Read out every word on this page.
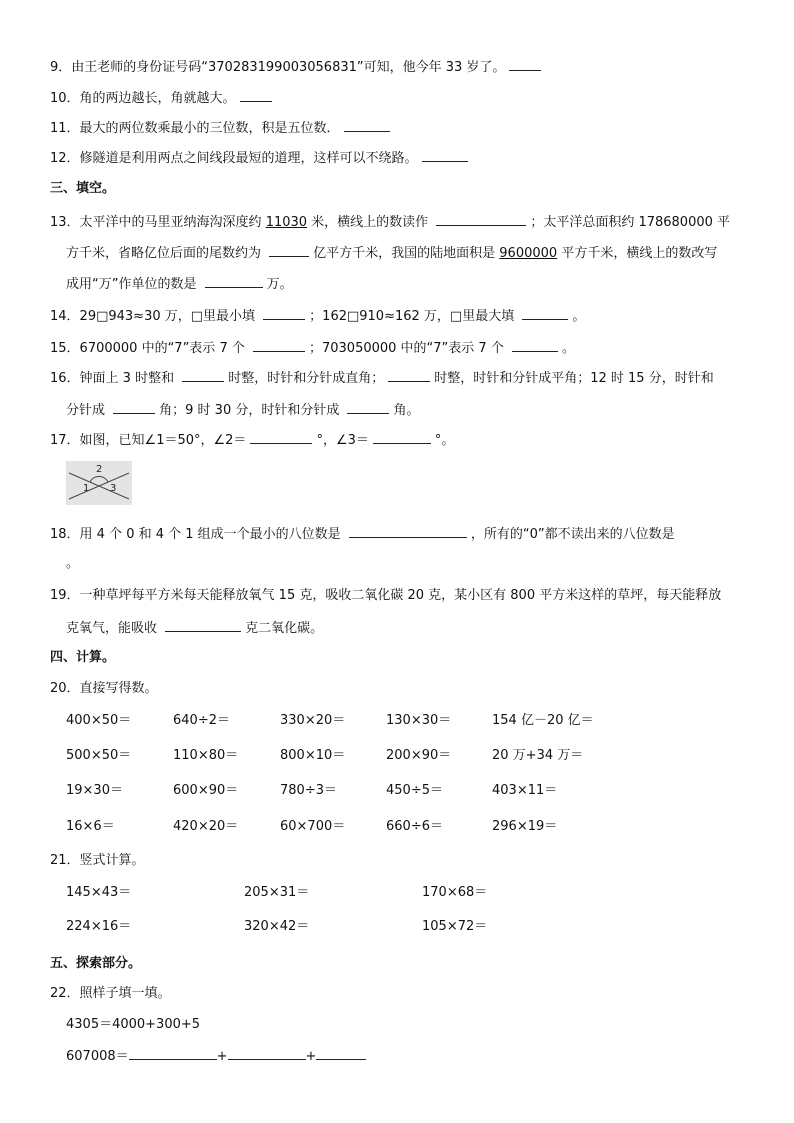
9．由王老师的身份证号码“370283199003056831”可知，他今年 33 岁了。
10．角的两边越长，角就越大。
11．最大的两位数乘最小的三位数，积是五位数．
12．修隧道是利用两点之间线段最短的道理，这样可以不绕路。
三、填空。
13．太平洋中的马里亚纳海沟深度约 11030 米，横线上的数读作	；太平洋总面积约 178680000 平
方千米，省略亿位后面的尾数约为	亿平方千米，我国的陆地面积是 9600000 平方千米，横线上的数改写
成用“万”作单位的数是	万。
14．29□943≈30 万，□里最小填	；162□910≈162 万，□里最大填	。
15．6700000 中的“7”表示 7 个	；703050000 中的“7”表示 7 个	。
16．钟面上 3 时整和	时整，时针和分针成直角；	时整，时针和分针成平角；12 时 15 分，时针和
分针成	角；9 时 30 分，时针和分针成	角。
17．如图，已知∠1＝50°，∠2＝	°，∠3＝	°。
2
1 3
18．用 4 个 0 和 4 个 1 组成一个最小的八位数是	，所有的“0”都不读出来的八位数是
。
19．一种草坪每平方米每天能释放氧气 15 克，吸收二氧化碳 20 克，某小区有 800 平方米这样的草坪，每天能释放
克氧气，能吸收	克二氧化碳。
四、计算。
20．直接写得数。
400×50＝	640÷2＝	330×20＝	130×30＝	154 亿－20 亿＝
500×50＝	110×80＝	800×10＝	200×90＝	20 万+34 万＝
19×30＝	600×90＝	780÷3＝	450÷5＝	403×11＝
16×6＝	420×20＝	60×700＝	660÷6＝	296×19＝
21．竖式计算。
145×43＝	205×31＝	170×68＝
224×16＝	320×42＝	105×72＝
五、探索部分。
22．照样子填一填。
4305＝4000+300+5
607008＝	+	+
